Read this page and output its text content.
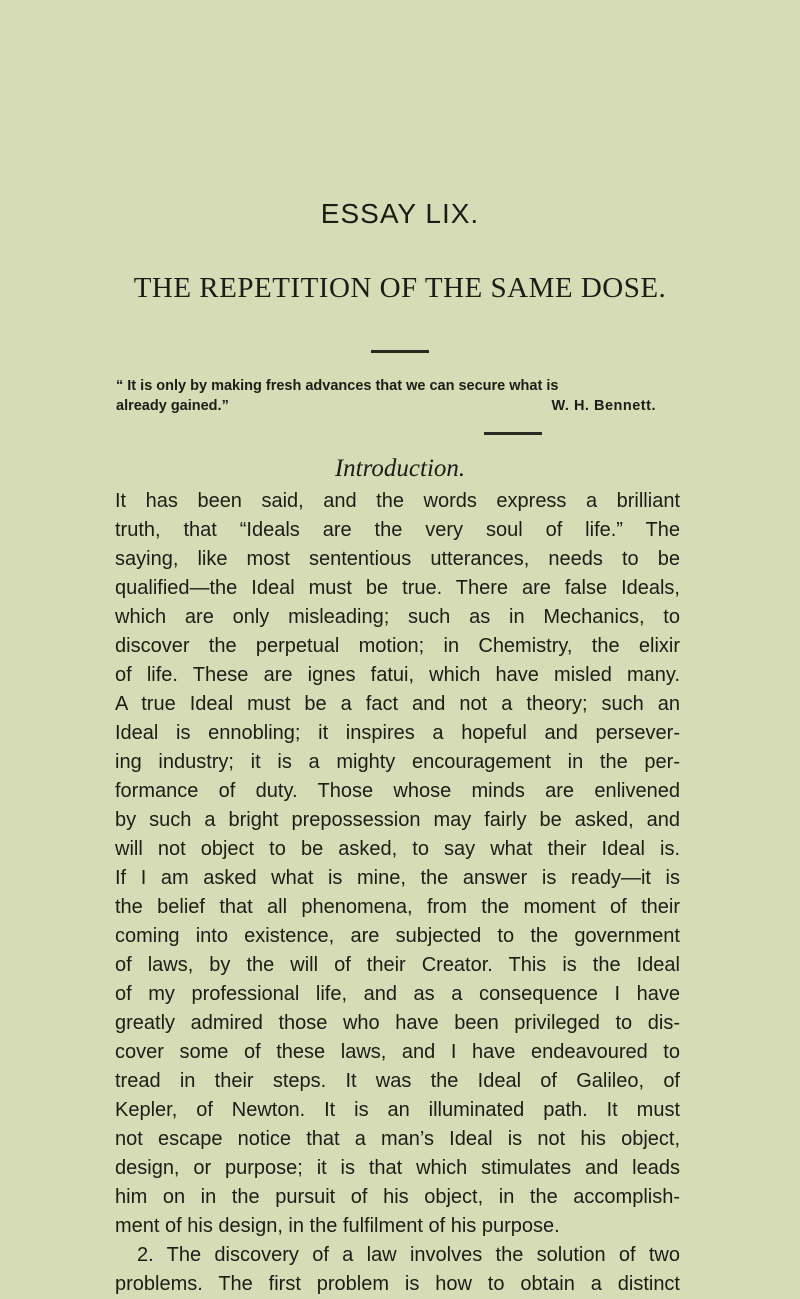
ESSAY LIX.
THE REPETITION OF THE SAME DOSE.
“ It is only by making fresh advances that we can secure what is
already gained.”	W. H. Bennett.
Introduction.
It has been said, and the words express a brilliant
truth, that “Ideals are the very soul of life.” The
saying, like most sententious utterances, needs to be
qualified—the Ideal must be true. There are false Ideals,
which are only misleading; such as in Mechanics, to
discover the perpetual motion; in Chemistry, the elixir
of life. These are ignes fatui, which have misled many.
A true Ideal must be a fact and not a theory; such an
Ideal is ennobling; it inspires a hopeful and persever-
ing industry; it is a mighty encouragement in the per-
formance of duty. Those whose minds are enlivened
by such a bright prepossession may fairly be asked, and
will not object to be asked, to say what their Ideal is.
If I am asked what is mine, the answer is ready—it is
the belief that all phenomena, from the moment of their
coming into existence, are subjected to the government
of laws, by the will of their Creator. This is the Ideal
of my professional life, and as a consequence I have
greatly admired those who have been privileged to dis-
cover some of these laws, and I have endeavoured to
tread in their steps. It was the Ideal of Galileo, of
Kepler, of Newton. It is an illuminated path. It must
not escape notice that a man’s Ideal is not his object,
design, or purpose; it is that which stimulates and leads
him on in the pursuit of his object, in the accomplish-
ment of his design, in the fulfilment of his purpose.
2. The discovery of a law involves the solution of two
problems. The first problem is how to obtain a distinct
